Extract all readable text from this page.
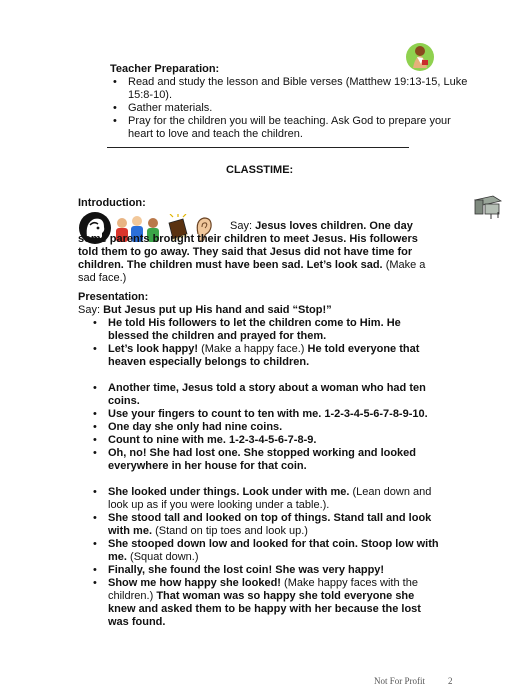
Teacher Preparation:
• Read and study the lesson and Bible verses (Matthew 19:13-15, Luke 15:8-10).
• Gather materials.
• Pray for the children you will be teaching. Ask God to prepare your heart to love and teach the children.
CLASSTIME:
Introduction:
Say: Jesus loves children. One day some parents brought their children to meet Jesus. His followers told them to go away. They said that Jesus did not have time for children. The children must have been sad. Let’s look sad. (Make a sad face.)
Presentation:
Say: But Jesus put up His hand and said “Stop!”
• He told His followers to let the children come to Him. He blessed the children and prayed for them.
• Let’s look happy! (Make a happy face.) He told everyone that heaven especially belongs to children.
• Another time, Jesus told a story about a woman who had ten coins.
• Use your fingers to count to ten with me. 1-2-3-4-5-6-7-8-9-10.
• One day she only had nine coins.
• Count to nine with me. 1-2-3-4-5-6-7-8-9.
• Oh, no! She had lost one. She stopped working and looked everywhere in her house for that coin.
• She looked under things. Look under with me. (Lean down and look up as if you were looking under a table.).
• She stood tall and looked on top of things. Stand tall and look with me. (Stand on tip toes and look up.)
• She stooped down low and looked for that coin. Stoop low with me. (Squat down.)
• Finally, she found the lost coin! She was very happy!
• Show me how happy she looked! (Make happy faces with the children.) That woman was so happy she told everyone she knew and asked them to be happy with her because the lost was found.
Not For Profit	2
